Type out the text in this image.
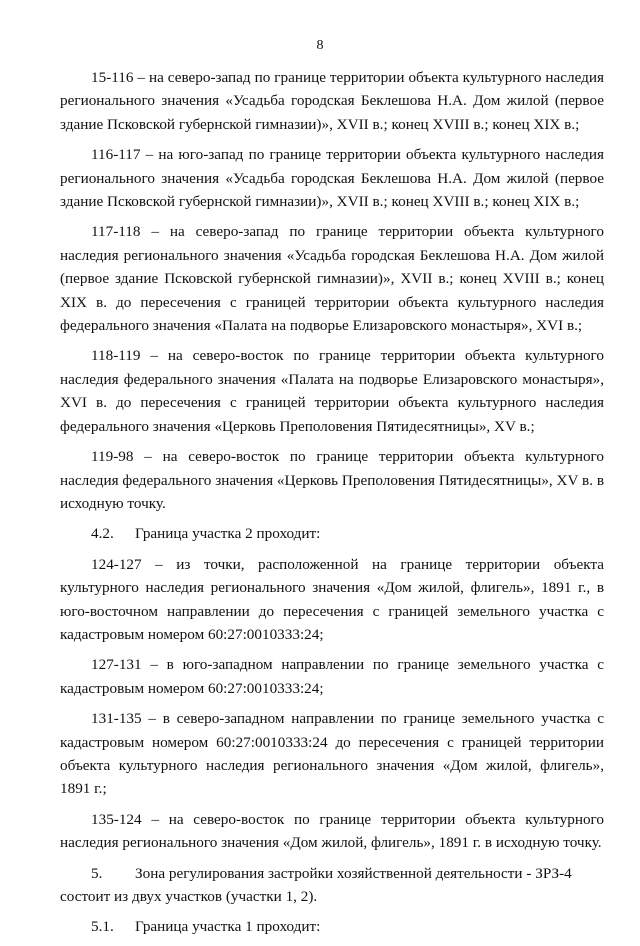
8

15-116 – на северо-запад по границе территории объекта культурного наследия регионального значения «Усадьба городская Беклешова Н.А. Дом жилой (первое здание Псковской губернской гимназии)», XVII в.; конец XVIII в.; конец XIX в.;

116-117 – на юго-запад по границе территории объекта культурного наследия регионального значения «Усадьба городская Беклешова Н.А. Дом жилой (первое здание Псковской губернской гимназии)», XVII в.; конец XVIII в.; конец XIX в.;

117-118 – на северо-запад по границе территории объекта культурного наследия регионального значения «Усадьба городская Беклешова Н.А. Дом жилой (первое здание Псковской губернской гимназии)», XVII в.; конец XVIII в.; конец XIX в. до пересечения с границей территории объекта культурного наследия федерального значения «Палата на подворье Елизаровского монастыря», XVI в.;

118-119 – на северо-восток по границе территории объекта культурного наследия федерального значения «Палата на подворье Елизаровского монастыря», XVI в. до пересечения с границей территории объекта культурного наследия федерального значения «Церковь Преполовения Пятидесятницы», XV в.;

119-98 – на северо-восток по границе территории объекта культурного наследия федерального значения «Церковь Преполовения Пятидесятницы», XV в. в исходную точку.

4.2. Граница участка 2 проходит:

124-127 – из точки, расположенной на границе территории объекта культурного наследия регионального значения «Дом жилой, флигель», 1891 г., в юго-восточном направлении до пересечения с границей земельного участка с кадастровым номером 60:27:0010333:24;

127-131 – в юго-западном направлении по границе земельного участка с кадастровым номером 60:27:0010333:24;

131-135 – в северо-западном направлении по границе земельного участка с кадастровым номером 60:27:0010333:24 до пересечения с границей территории объекта культурного наследия регионального значения «Дом жилой, флигель», 1891 г.;

135-124 – на северо-восток по границе территории объекта культурного наследия регионального значения «Дом жилой, флигель», 1891 г. в исходную точку.

5. Зона регулирования застройки хозяйственной деятельности - ЗРЗ-4 состоит из двух участков (участки 1, 2).

5.1. Граница участка 1 проходит:
